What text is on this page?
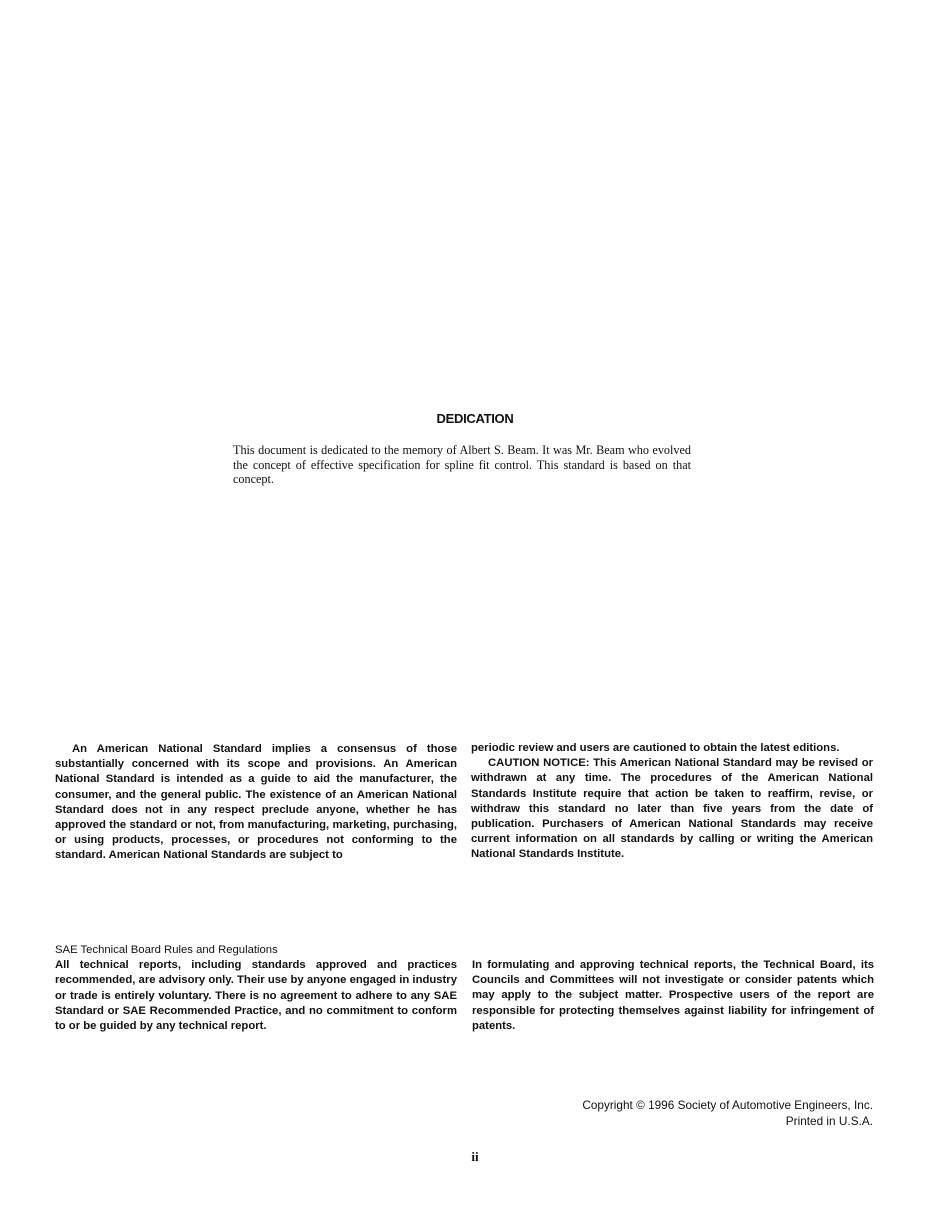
DEDICATION
This document is dedicated to the memory of Albert S. Beam. It was Mr. Beam who evolved the concept of effective specification for spline fit control. This standard is based on that concept.

An American National Standard implies a consensus of those substantially concerned with its scope and provisions. An American National Standard is intended as a guide to aid the manufacturer, the consumer, and the general public. The existence of an American National Standard does not in any respect preclude anyone, whether he has approved the standard or not, from manufacturing, marketing, purchasing, or using products, processes, or procedures not conforming to the standard. American National Standards are subject to

periodic review and users are cautioned to obtain the latest editions.

CAUTION NOTICE: This American National Standard may be revised or withdrawn at any time. The procedures of the American National Standards Institute require that action be taken to reaffirm, revise, or withdraw this standard no later than five years from the date of publication. Purchasers of American National Standards may receive current information on all standards by calling or writing the American National Standards Institute.

SAE Technical Board Rules and Regulations
All technical reports, including standards approved and practices recommended, are advisory only. Their use by anyone engaged in industry or trade is entirely voluntary. There is no agreement to adhere to any SAE Standard or SAE Recommended Practice, and no commitment to conform to or be guided by any technical report.
In formulating and approving technical reports, the Technical Board, its Councils and Committees will not investigate or consider patents which may apply to the subject matter. Prospective users of the report are responsible for protecting themselves against liability for infringement of patents.
Copyright © 1996 Society of Automotive Engineers, Inc.
Printed in U.S.A.
ii
